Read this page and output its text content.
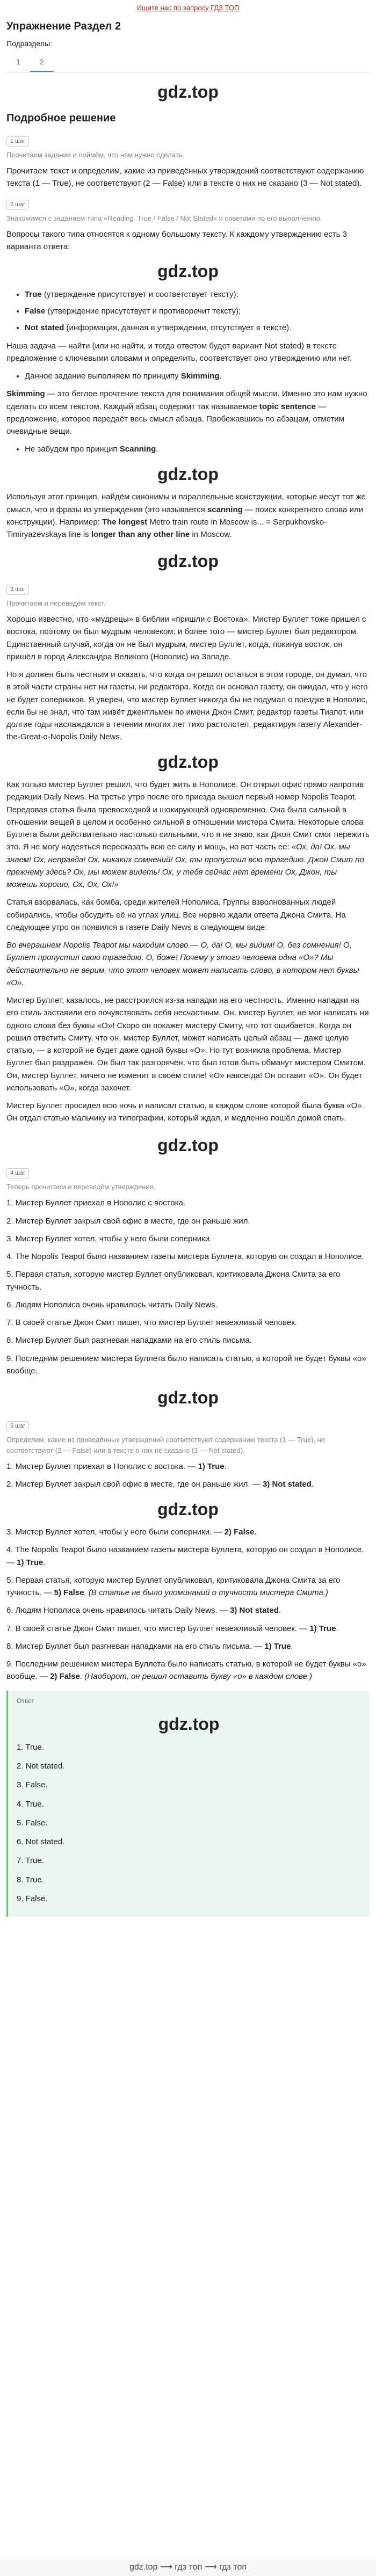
Ищите нас по запросу ГДЗ ТОП
Упражнение Раздел 2
Подразделы:
1	2
gdz.top
Подробное решение
1 шаг
Прочитаем задание и поймём, что нам нужно сделать.

Прочитаем текст и определим, какие из приведённых утверждений соответствуют содержанию текста (1 — True), не соответствуют (2 — False) или в тексте о них не сказано (3 — Not stated).

2 шаг
Знакомимся с заданием типа «Reading. True / False / Not Stated» и советами по его выполнению.

Вопросы такого типа относятся к одному большому тексту. К каждому утверждению есть 3 варианта ответа:

gdz.top
• True (утверждение присутствует и соответствует тексту);
• False (утверждение присутствует и противоречит тексту);
• Not stated (информация, данная в утверждении, отсутствует в тексте).

Наша задача — найти (или не найти, и тогда ответом будет вариант Not stated) в тексте предложение с ключевыми словами и определить, соответствует оно утверждению или нет.

• Данное задание выполняем по принципу Skimming.

Skimming — это беглое прочтение текста для понимания общей мысли. Именно это нам нужно сделать со всем текстом. Каждый абзац содержит так называемое topic sentence — предложение, которое передаёт весь смысл абзаца. Пробежавшись по абзацам, отметим очевидные вещи.

• Не забудем про принцип Scanning.
gdz.top

Используя этот принцип, найдём синонимы и параллельные конструкции, которые несут тот же смысл, что и фразы из утверждения (это называется scanning — поиск конкретного слова или конструкции). Например: The longest Metro train route in Moscow is... = Serpukhovsko-Timiryazevskaya line is longer than any other line in Moscow.

gdz.top
3 шаг
Прочитаем и переведём текст.

Хорошо известно, что «мудрецы» в библии «пришли с Востока». Мистер Буллет тоже пришел с востока, поэтому он был мудрым человеком; и более того — мистер Буллет был редактором. Единственный случай, когда он не был мудрым, мистер Буллет, когда, покинув восток, он пришёл в город Александра Великого (Нополис) на Западе.

Но я должен быть честным и сказать, что когда он решил остаться в этом городе, он думал, что в этой части страны нет ни газеты, ни редактора. Когда он основал газету, он ожидал, что у него не будет соперников. Я уверен, что мистер Буллет никогда бы не подумал о поездке в Нополис, если бы не знал, что там живёт джентльмен по имени Джон Смит, редактор газеты Тиапот, или долгие годы наслаждался в течении многих лет тихо растолстел, редактируя газету Alexander-the-Great-o-Nopolis Daily News.

gdz.top

Как только мистер Буллет решил, что будет жить в Нополисе. Он открыл офис прямо напротив редакции Daily News. На третье утро после его приезда вышел первый номер Nopolis Teapot. Передовая статья была превосходной и шокирующей одновременно. Она была сильной в отношении вещей в целом и особенно сильной в отношении мистера Смита. Некоторые слова Буллета были действительно настолько сильными, что я не знаю, как Джон Смит смог пережить это. Я не могу надеяться пересказать всю ее силу и мощь, но вот часть ее: «Ох, да! Ох, мы знаем! Ох, неправда! Ох, никаких сомнений! Ох, ты пропустил всю трагедию. Джон Смит по прежнему здесь? Ох, мы можем видеть! Ох, у тебя сейчас нет времени Ох, Джон, ты можешь хорошо, Ох, Ох, Ох!»

Статья взорвалась, как бомба, среди жителей Нополиса. Группы взволнованных людей собирались, чтобы обсудить её на углах улиц. Все нервно ждали ответа Джона Смита. На следующее утро он появился в газете Daily News в следующем виде:

Во вчерашнем Nopolis Teapot мы находим слово — О, да! О, мы видим! О, без сомнения! О, Буллет пропустил свою трагедию. О, боже! Почему у этого человека одна «О»? Мы действительно не верим, что этот человек может написать слово, в котором нет буквы «О».

Мистер Буллет, казалось, не расстроился из-за нападки на его честность. Именно нападки на его стиль заставили его почувствовать себя несчастным. Он, мистер Буллет, не мог написать ни одного слова без буквы «О»! Скоро он покажет мистеру Смиту, что тот ошибается. Когда он решил ответить Смиту, что он, мистер Буллет, может написать целый абзац — даже целую статью, — в которой не будет даже одной буквы «О». Но тут возникла проблема. Мистер Буллет был раздражён. Он был так разгорячён, что был готов быть обманут мистером Смитом. Он, мистер Буллет, ничего не изменит в своём стиле! «О» навсегда! Он оставит «О». Он будет использовать «О», когда захочет.

Мистер Буллет просидел всю ночь и написал статью, в каждом слове которой была буква «О». Он отдал статью мальчику из типографии, который ждал, и медленно пошёл домой спать.

gdz.top
4 шаг
Теперь прочитаем и переведём утверждения.

1. Мистер Буллет приехал в Нополис с востока.

2. Мистер Буллет закрыл свой офис в месте, где он раньше жил.

3. Мистер Буллет хотел, чтобы у него были соперники.

4. The Nopolis Teapot было названием газеты мистера Буллета, которую он создал в Нополисе.

5. Первая статья, которую мистер Буллет опубликовал, критиковала Джона Смита за его тучность.

6. Людям Нополиса очень нравилось читать Daily News.

7. В своей статье Джон Смит пишет, что мистер Буллет невежливый человек.

8. Мистер Буллет был разгневан нападками на его стиль письма.

9. Последним решением мистера Буллета было написать статью, в которой не будет буквы «о» вообще.

gdz.top
5 шаг
Определим, какие из приведённых утверждений соответствуют содержанию текста (1 — True), не соответствуют (2 — False) или в тексте о них не сказано (3 — Not stated).

1. Мистер Буллет приехал в Нополис с востока. — 1) True.

2. Мистер Буллет закрыл свой офис в месте, где он раньше жил. — 3) Not stated.

gdz.top

3. Мистер Буллет хотел, чтобы у него были соперники. — 2) False.

4. The Nopolis Teapot было названием газеты мистера Буллета, которую он создал в Нополисе. — 1) True.

5. Первая статья, которую мистер Буллет опубликовал, критиковала Джона Смита за его тучность. — 5) False. (В статье не было упоминаний о тучности мистера Смита.)

6. Людям Нополиса очень нравилось читать Daily News. — 3) Not stated.

7. В своей статье Джон Смит пишет, что мистер Буллет невежливый человек. — 1) True.

8. Мистер Буллет был разгневан нападками на его стиль письма. — 1) True.

9. Последним решением мистера Буллета было написать статью, в которой не будет буквы «о» вообще. — 2) False. (Наоборот, он решил оставить букву «о» в каждом слове.)

Ответ
gdz.top

1. True.

2. Not stated.

3. False.

4. True.

5. False.

6. Not stated.

7. True.

8. True.

9. False.

gdz.top ⟶ гдз топ ⟶ гдз топ
